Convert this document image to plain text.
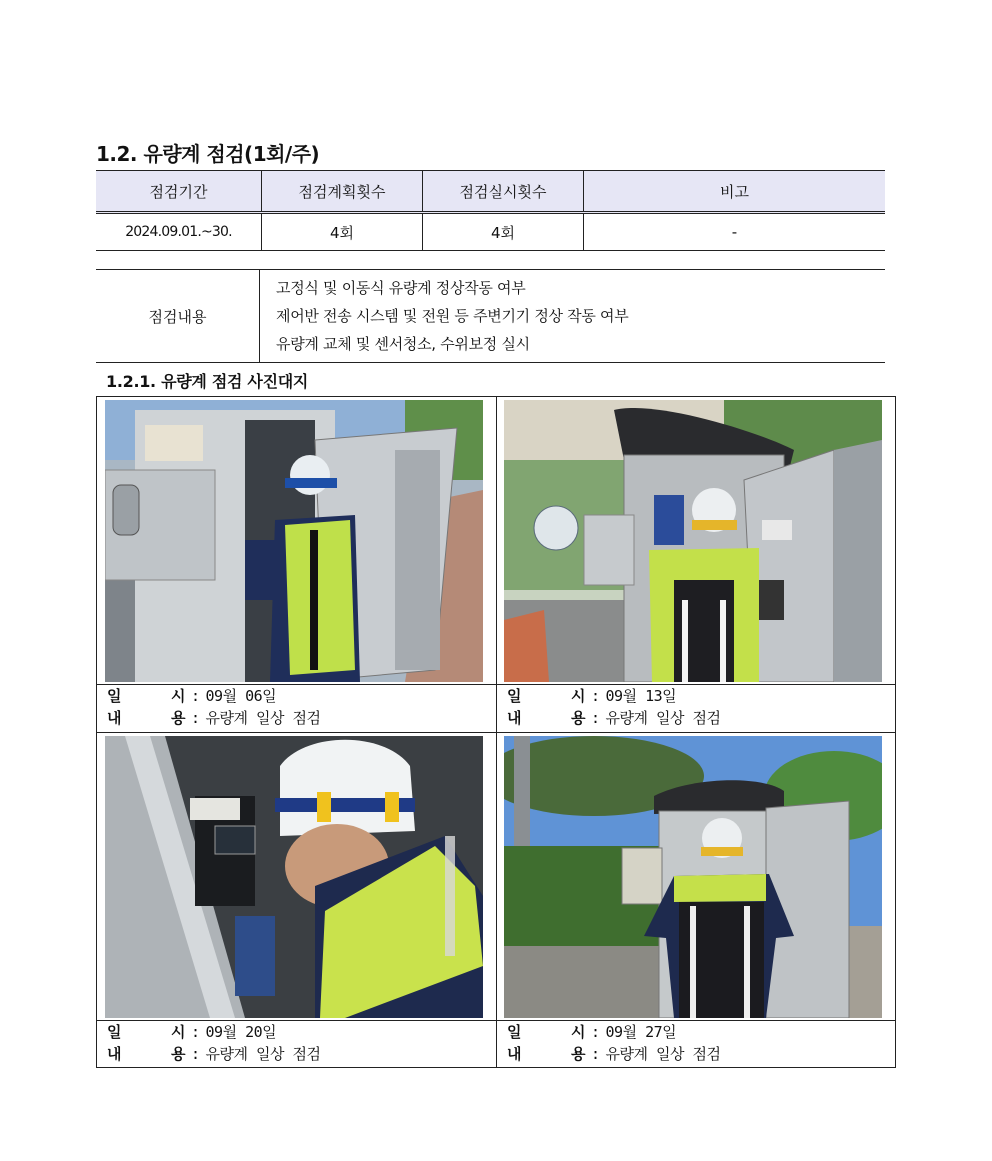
1.2. 유량계 점검(1회/주)
점검기간	점검계획횟수	점검실시횟수	비고
2024.09.01.~30.	4회	4회	-
점검내용
고정식 및 이동식 유량계 정상작동 여부
제어반 전송 시스템 및 전원 등 주변기기 정상 작동 여부
유량계 교체 및 센서청소, 수위보정 실시
1.2.1. 유량계 점검 사진대지
일	시 : 09월 06일
내	용 : 유량계 일상 점검
일	시 : 09월 13일
내	용 : 유량계 일상 점검
일	시 : 09월 20일
내	용 : 유량계 일상 점검
일	시 : 09월 27일
내	용 : 유량계 일상 점검
